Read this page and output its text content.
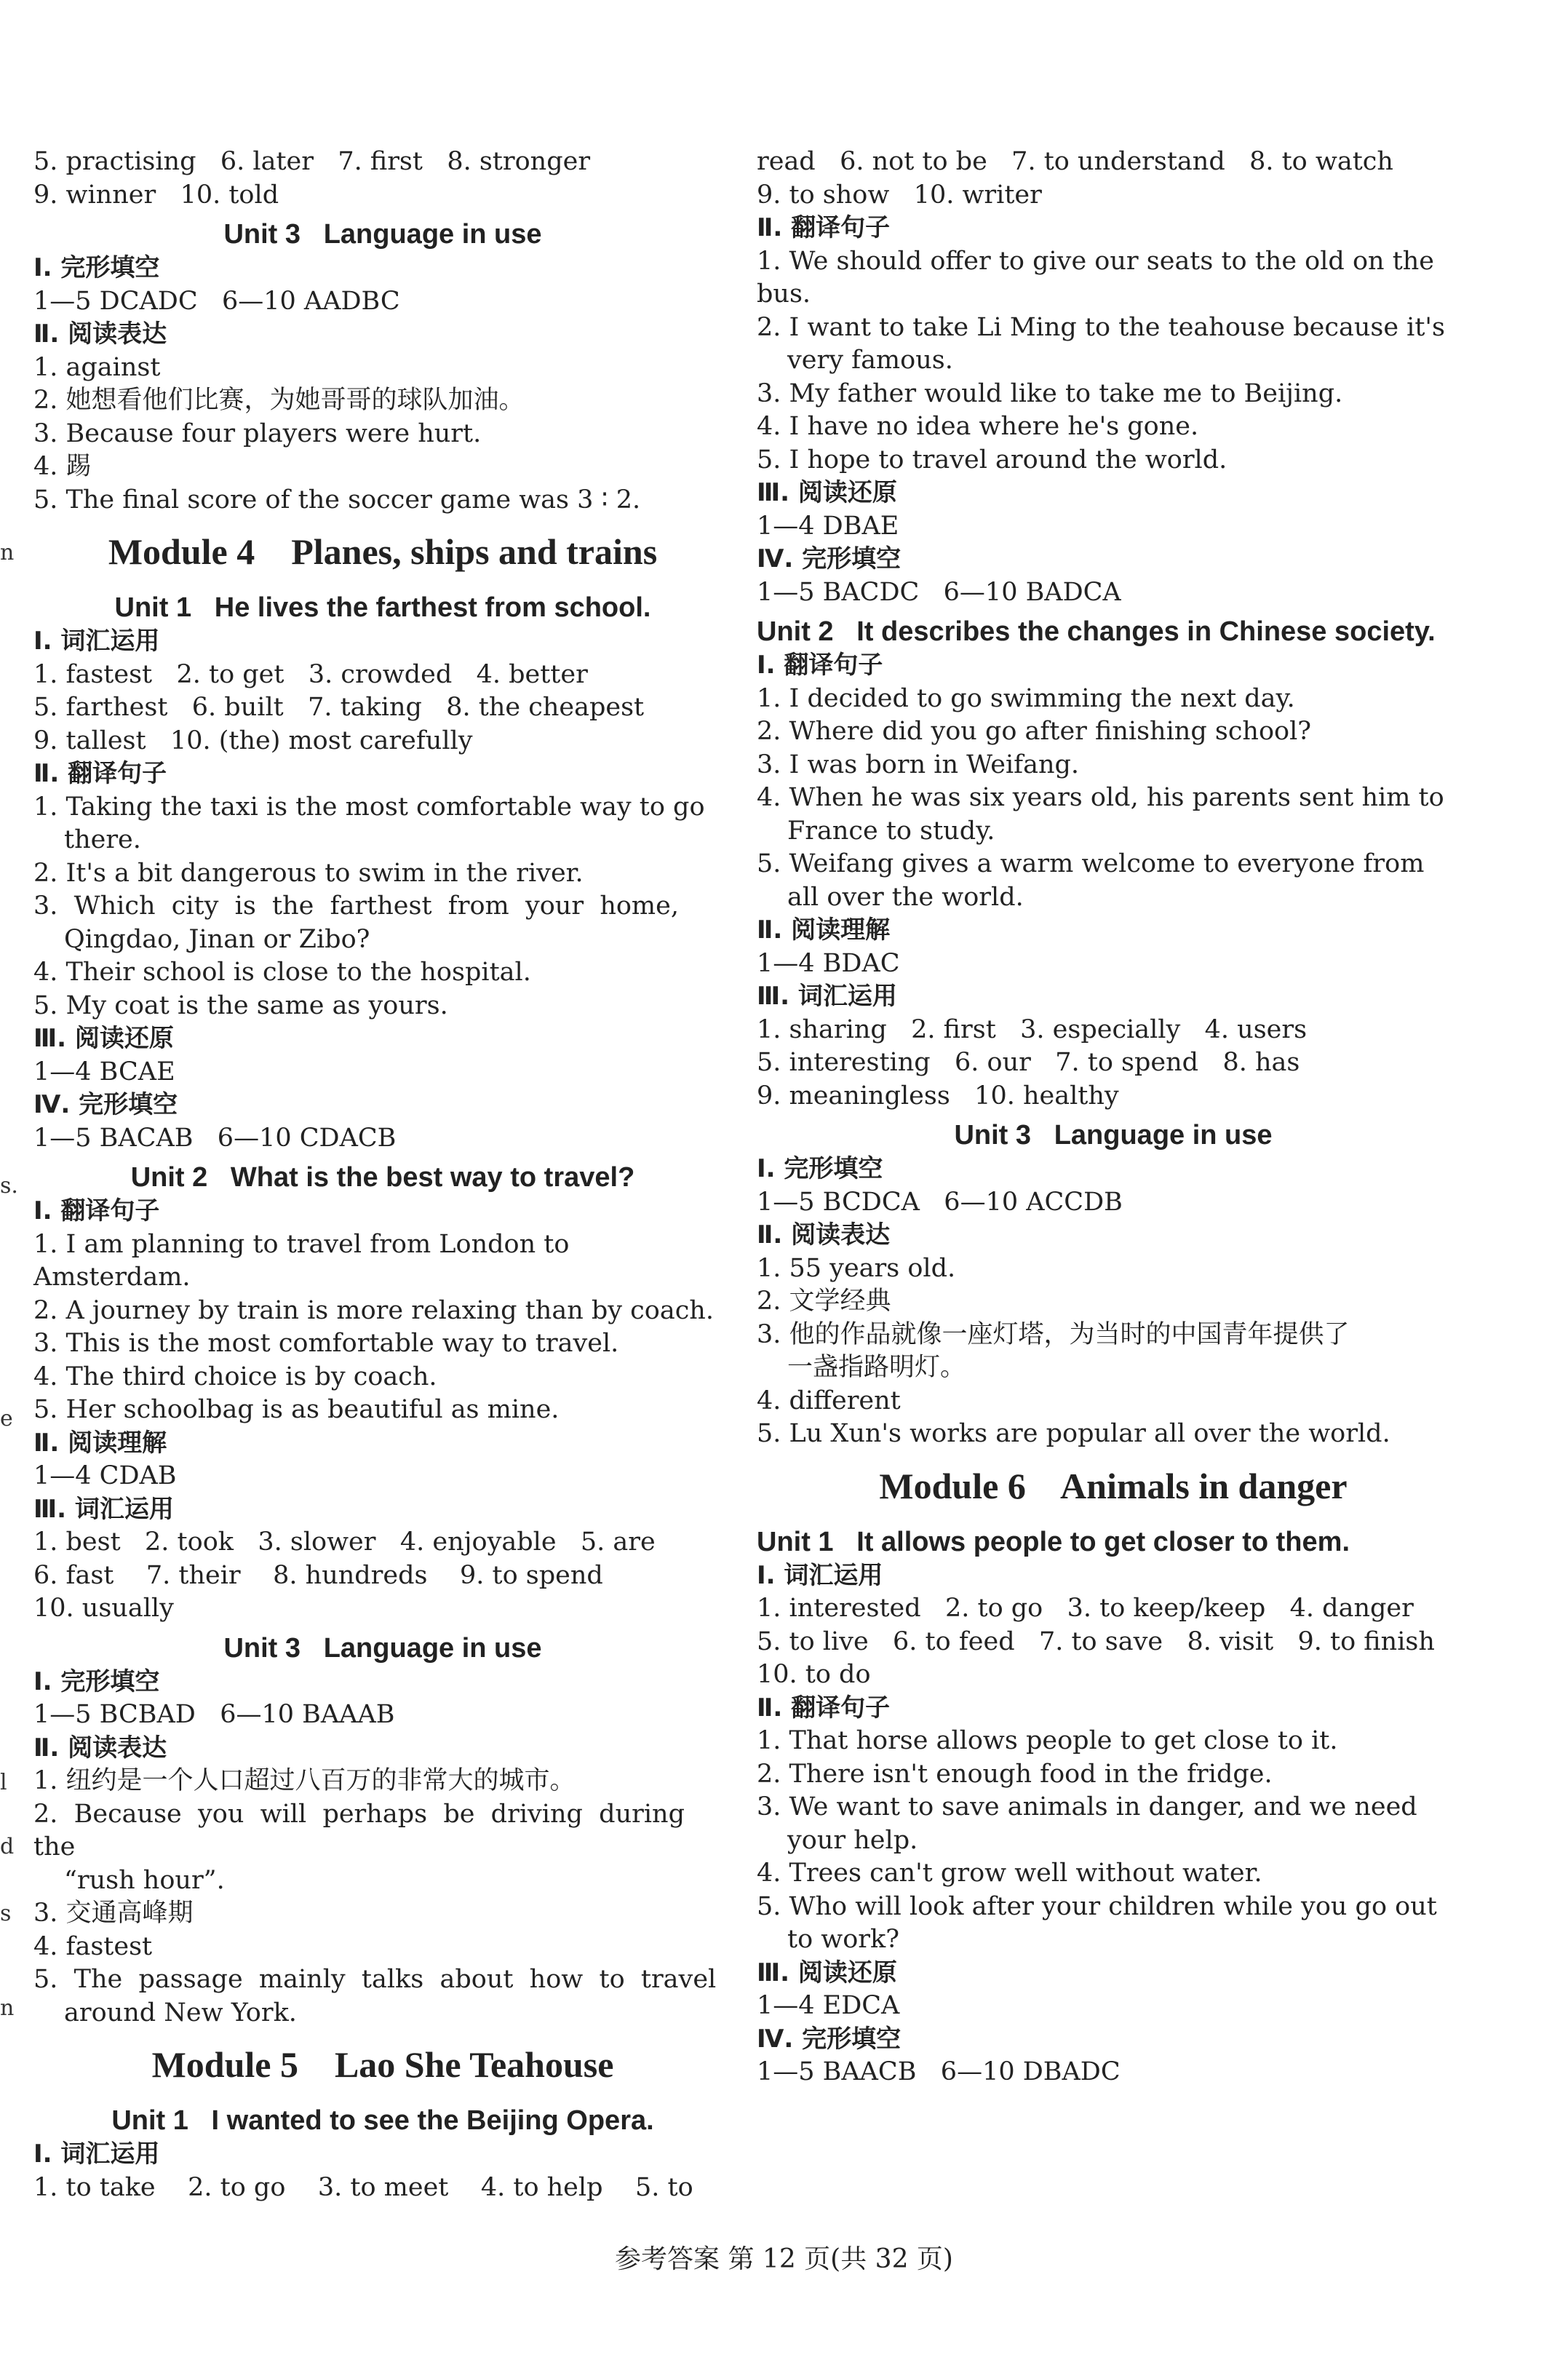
5. practising   6. later   7. first   8. stronger
9. winner   10. told
Unit 3   Language in use
Ⅰ. 完形填空
1—5 DCADC   6—10 AADBC
Ⅱ. 阅读表达
1. against
2. 她想看他们比赛，为她哥哥的球队加油。
3. Because four players were hurt.
4. 踢
5. The final score of the soccer game was 3 ∶ 2.
Module 4    Planes, ships and trains
Unit 1   He lives the farthest from school.
Ⅰ. 词汇运用
1. fastest   2. to get   3. crowded   4. better
5. farthest   6. built   7. taking   8. the cheapest
9. tallest   10. (the) most carefully
Ⅱ. 翻译句子
1. Taking the taxi is the most comfortable way to go
there.
2. It's a bit dangerous to swim in the river.
3.  Which  city  is  the  farthest  from  your  home,
Qingdao, Jinan or Zibo?
4. Their school is close to the hospital.
5. My coat is the same as yours.
Ⅲ. 阅读还原
1—4 BCAE
Ⅳ. 完形填空
1—5 BACAB   6—10 CDACB
Unit 2   What is the best way to travel?
Ⅰ. 翻译句子
1. I am planning to travel from London to Amsterdam.
2. A journey by train is more relaxing than by coach.
3. This is the most comfortable way to travel.
4. The third choice is by coach.
5. Her schoolbag is as beautiful as mine.
Ⅱ. 阅读理解
1—4 CDAB
Ⅲ. 词汇运用
1. best   2. took   3. slower   4. enjoyable   5. are
6. fast    7. their    8. hundreds    9. to spend
10. usually
Unit 3   Language in use
Ⅰ. 完形填空
1—5 BCBAD   6—10 BAAAB
Ⅱ. 阅读表达
1. 纽约是一个人口超过八百万的非常大的城市。
2.  Because  you  will  perhaps  be  driving  during  the
“rush hour”.
3. 交通高峰期
4. fastest
5.  The  passage  mainly  talks  about  how  to  travel
around New York.
Module 5    Lao She Teahouse
Unit 1   I wanted to see the Beijing Opera.
Ⅰ. 词汇运用
1. to take    2. to go    3. to meet    4. to help    5. to
read   6. not to be   7. to understand   8. to watch
9. to show   10. writer
Ⅱ. 翻译句子
1. We should offer to give our seats to the old on the bus.
2. I want to take Li Ming to the teahouse because it's
very famous.
3. My father would like to take me to Beijing.
4. I have no idea where he's gone.
5. I hope to travel around the world.
Ⅲ. 阅读还原
1—4 DBAE
Ⅳ. 完形填空
1—5 BACDC   6—10 BADCA
Unit 2   It describes the changes in Chinese society.
Ⅰ. 翻译句子
1. I decided to go swimming the next day.
2. Where did you go after finishing school?
3. I was born in Weifang.
4. When he was six years old, his parents sent him to
France to study.
5. Weifang gives a warm welcome to everyone from
all over the world.
Ⅱ. 阅读理解
1—4 BDAC
Ⅲ. 词汇运用
1. sharing   2. first   3. especially   4. users
5. interesting   6. our   7. to spend   8. has
9. meaningless   10. healthy
Unit 3   Language in use
Ⅰ. 完形填空
1—5 BCDCA   6—10 ACCDB
Ⅱ. 阅读表达
1. 55 years old.
2. 文学经典
3. 他的作品就像一座灯塔，为当时的中国青年提供了
一盏指路明灯。
4. different
5. Lu Xun's works are popular all over the world.
Module 6    Animals in danger
Unit 1   It allows people to get closer to them.
Ⅰ. 词汇运用
1. interested   2. to go   3. to keep/keep   4. danger
5. to live   6. to feed   7. to save   8. visit   9. to finish
10. to do
Ⅱ. 翻译句子
1. That horse allows people to get close to it.
2. There isn't enough food in the fridge.
3. We want to save animals in danger, and we need
your help.
4. Trees can't grow well without water.
5. Who will look after your children while you go out
to work?
Ⅲ. 阅读还原
1—4 EDCA
Ⅳ. 完形填空
1—5 BAACB   6—10 DBADC
n
s.
e
l
d
s
n
参考答案 第 12 页(共 32 页)
